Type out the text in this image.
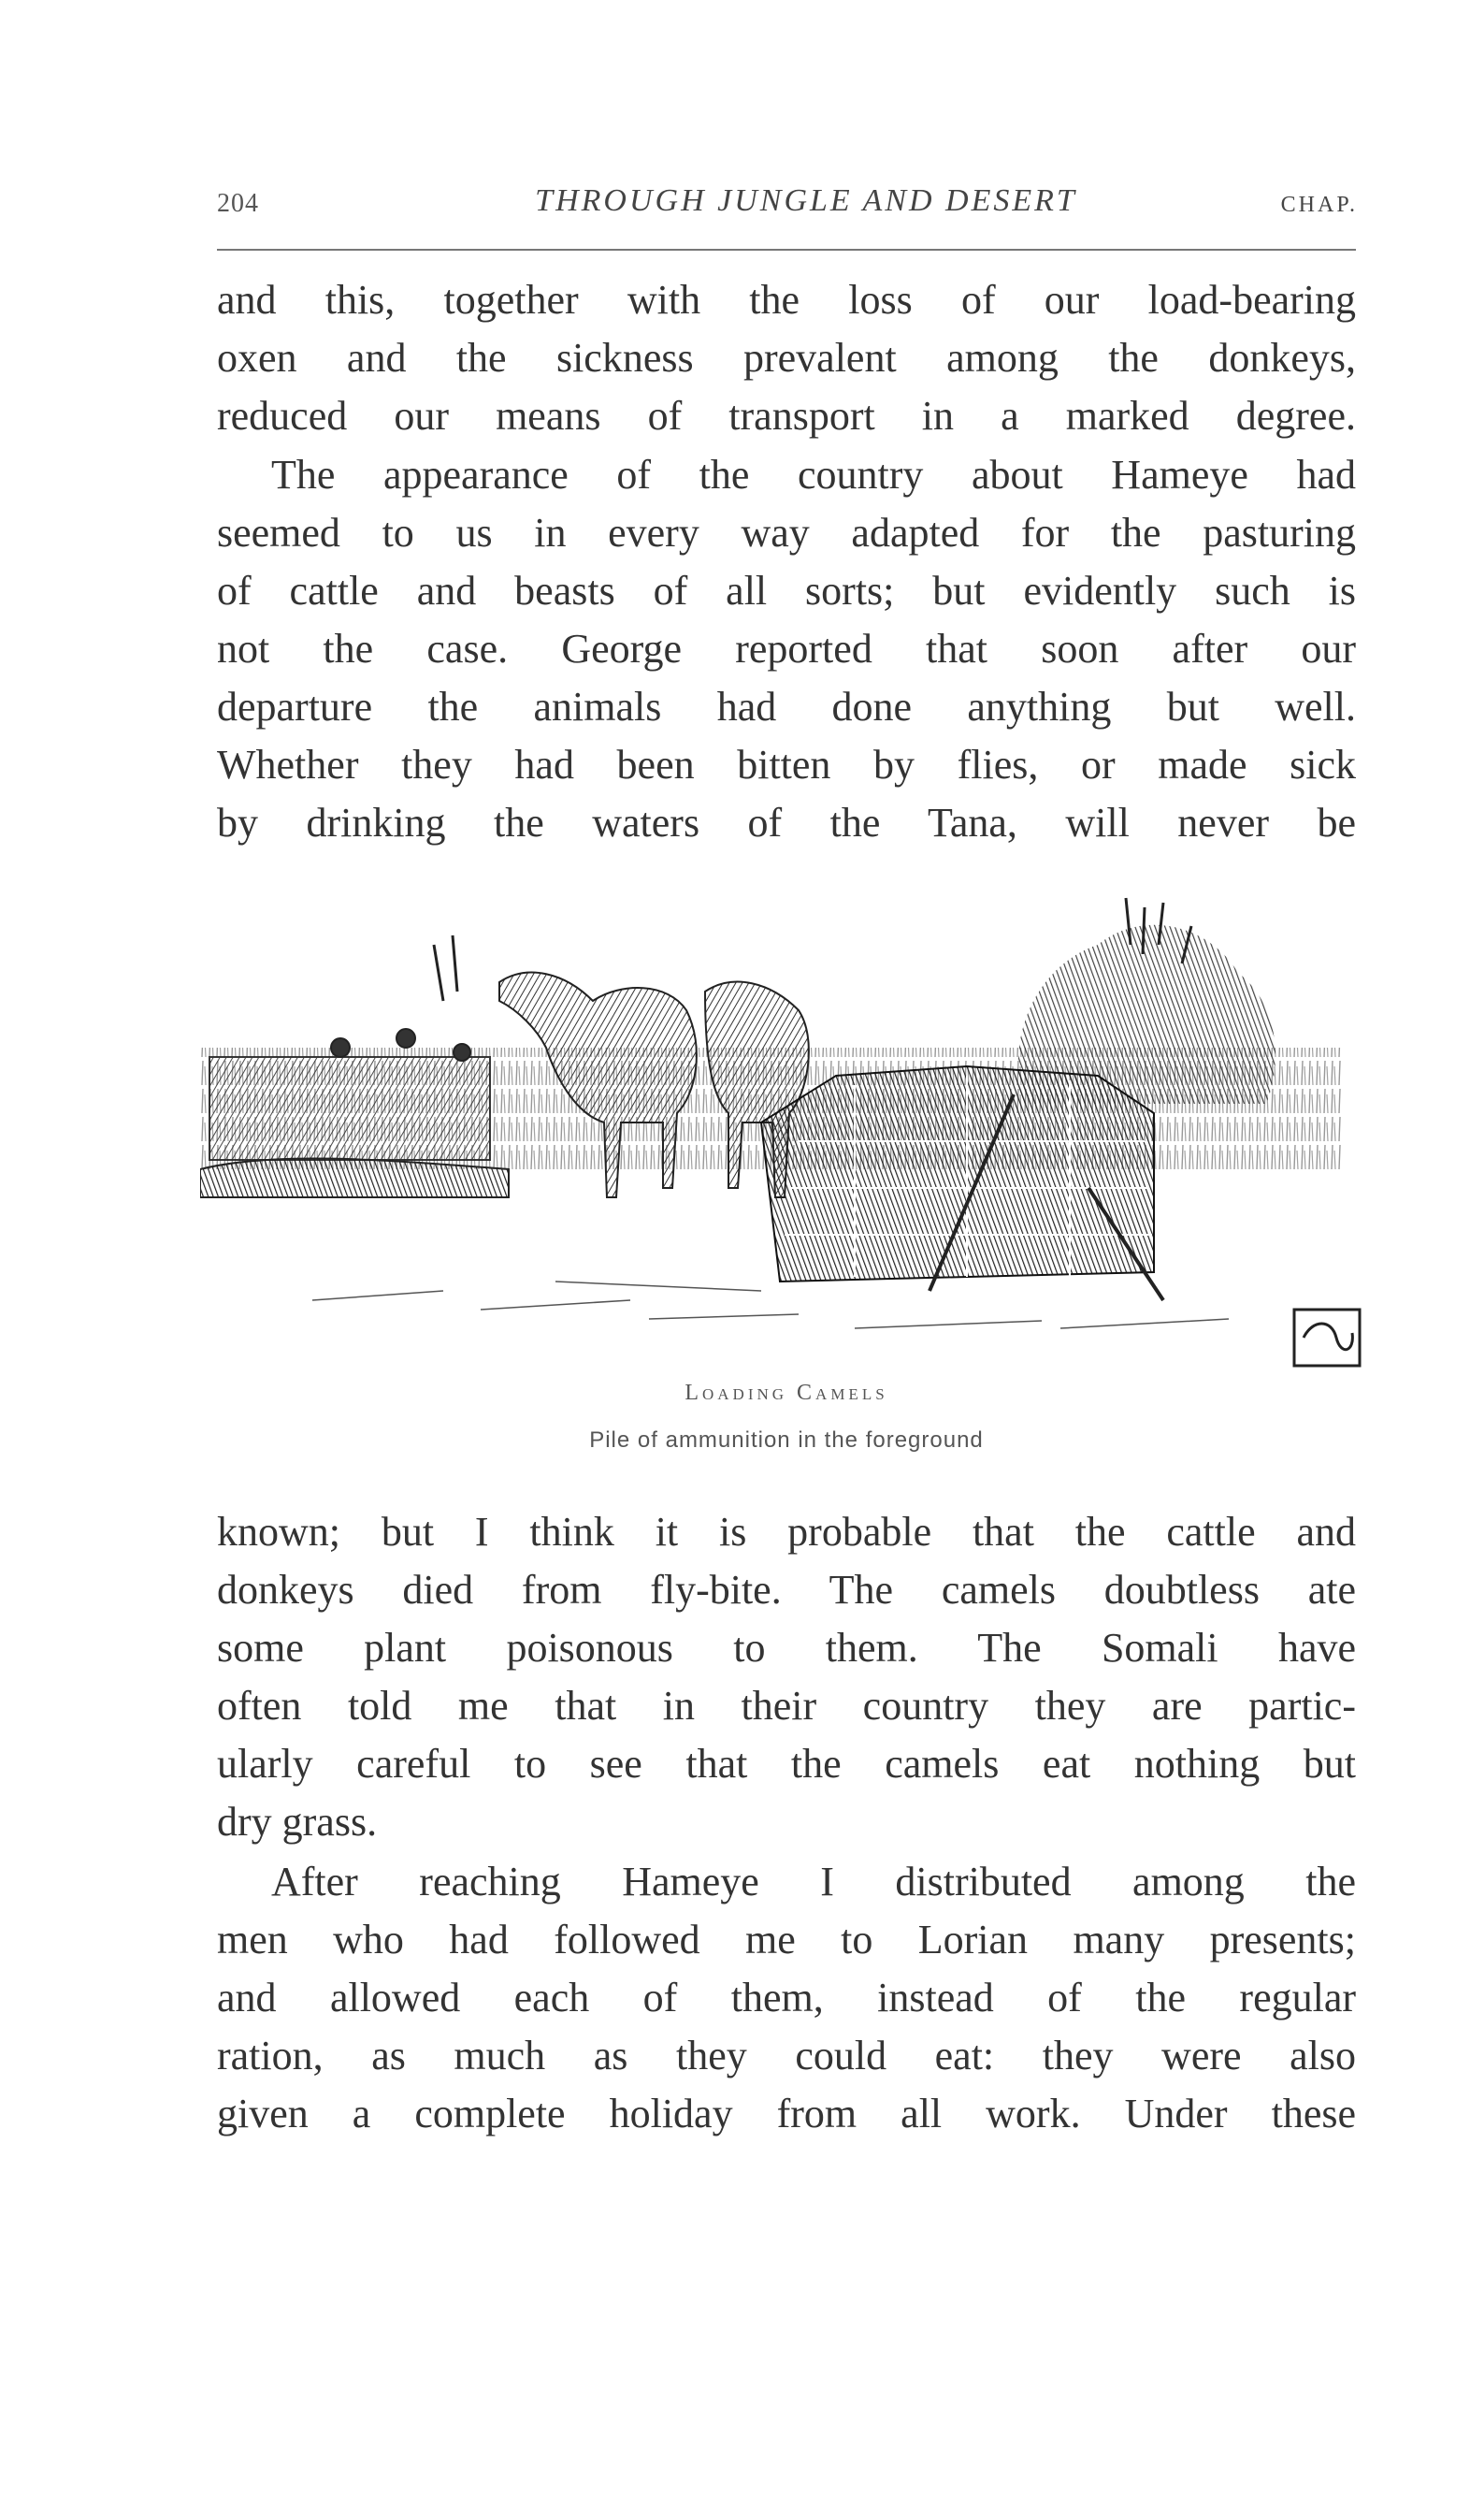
204	THROUGH JUNGLE AND DESERT	CHAP.

and this, together with the loss of our load-bearing
oxen and the sickness prevalent among the donkeys,
reduced our means of transport in a marked degree.

The appearance of the country about Hameye had
seemed to us in every way adapted for the pasturing
of cattle and beasts of all sorts; but evidently such is
not the case. George reported that soon after our
departure the animals had done anything but well.
Whether they had been bitten by flies, or made sick
by drinking the waters of the Tana, will never be

Loading Camels
Pile of ammunition in the foreground

known; but I think it is probable that the cattle and
donkeys died from fly-bite. The camels doubtless ate
some plant poisonous to them. The Somali have
often told me that in their country they are partic-
ularly careful to see that the camels eat nothing but
dry grass.

After reaching Hameye I distributed among the
men who had followed me to Lorian many presents;
and allowed each of them, instead of the regular
ration, as much as they could eat: they were also
given a complete holiday from all work. Under these
